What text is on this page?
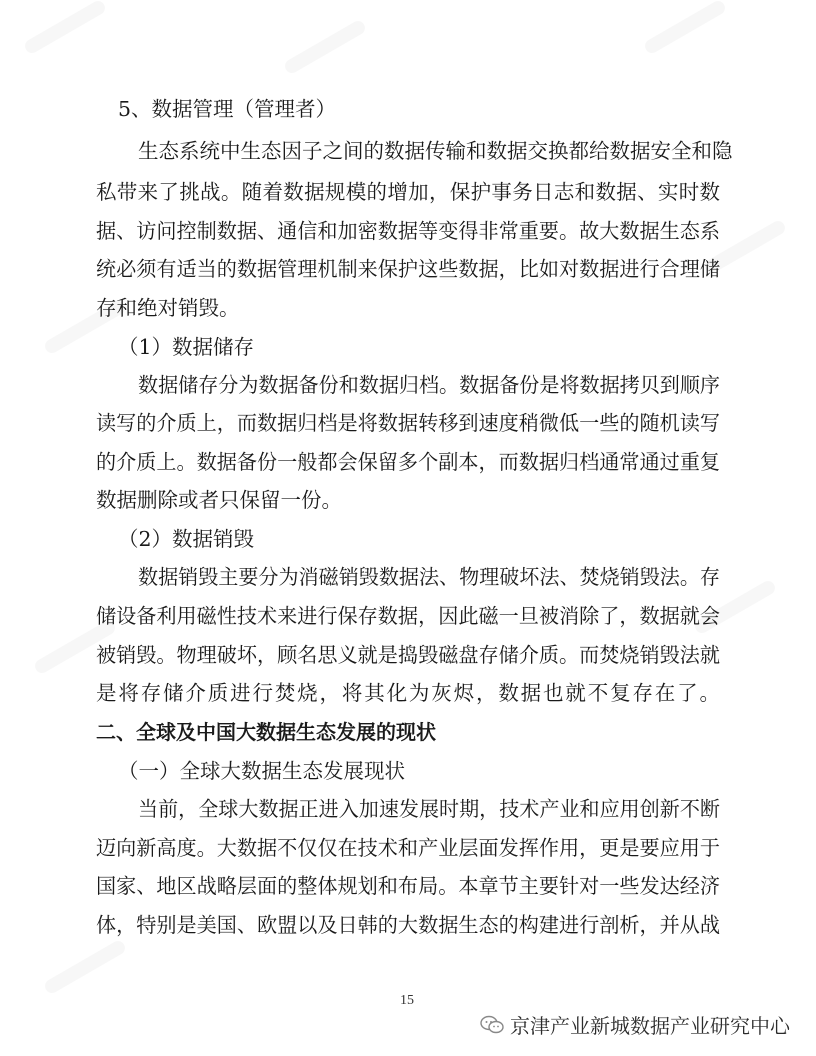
5、数据管理（管理者）
生态系统中生态因子之间的数据传输和数据交换都给数据安全和隐
私带来了挑战。随着数据规模的增加，保护事务日志和数据、实时数
据、访问控制数据、通信和加密数据等变得非常重要。故大数据生态系
统必须有适当的数据管理机制来保护这些数据，比如对数据进行合理储
存和绝对销毁。
（1）数据储存
数据储存分为数据备份和数据归档。数据备份是将数据拷贝到顺序
读写的介质上，而数据归档是将数据转移到速度稍微低一些的随机读写
的介质上。数据备份一般都会保留多个副本，而数据归档通常通过重复
数据删除或者只保留一份。
（2）数据销毁
数据销毁主要分为消磁销毁数据法、物理破坏法、焚烧销毁法。存
储设备利用磁性技术来进行保存数据，因此磁一旦被消除了，数据就会
被销毁。物理破坏，顾名思义就是捣毁磁盘存储介质。而焚烧销毁法就
是将存储介质进行焚烧，将其化为灰烬，数据也就不复存在了。
二、全球及中国大数据生态发展的现状
（一）全球大数据生态发展现状
当前，全球大数据正进入加速发展时期，技术产业和应用创新不断
迈向新高度。大数据不仅仅在技术和产业层面发挥作用，更是要应用于
国家、地区战略层面的整体规划和布局。本章节主要针对一些发达经济
体，特别是美国、欧盟以及日韩的大数据生态的构建进行剖析，并从战
15
京津产业新城数据产业研究中心
